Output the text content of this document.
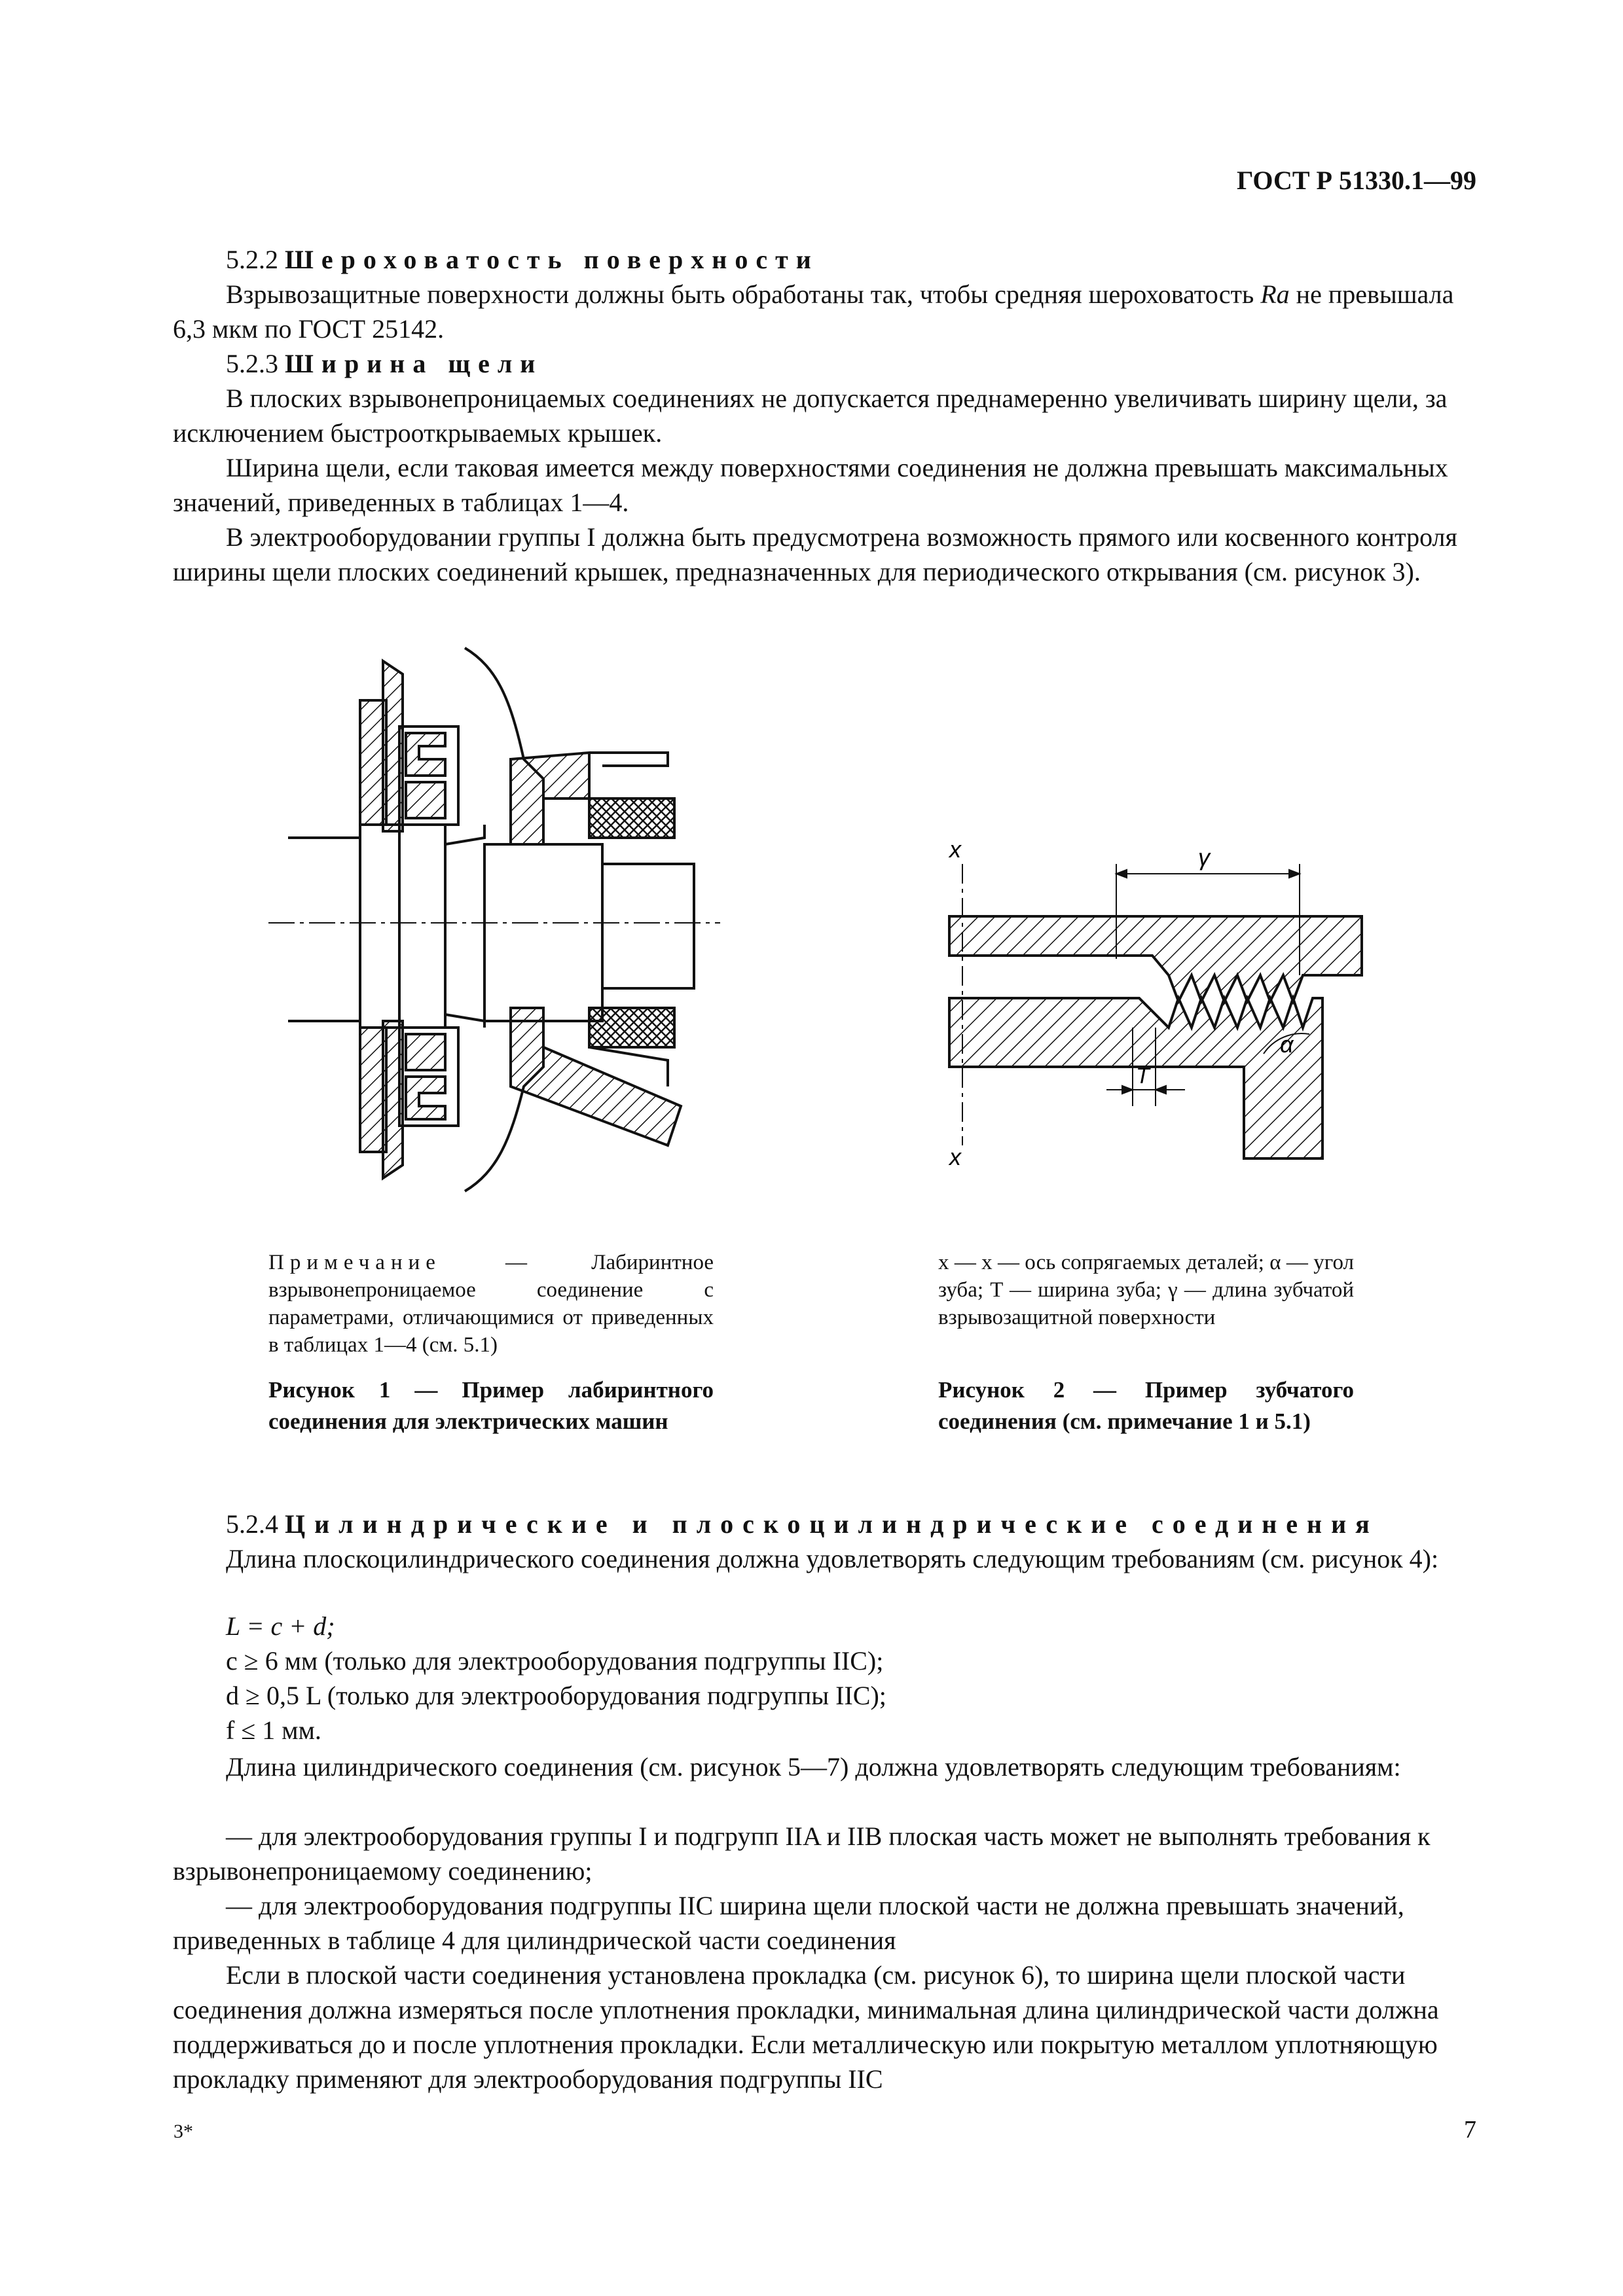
ГОСТ Р 51330.1—99

5.2.2 Шероховатость поверхности

Взрывозащитные поверхности должны быть обработаны так, чтобы средняя шероховатость Ra не превышала 6,3 мкм по ГОСТ 25142.

5.2.3 Ширина щели

В плоских взрывонепроницаемых соединениях не допускается преднамеренно увеличивать ширину щели, за исключением быстрооткрываемых крышек.

Ширина щели, если таковая имеется между поверхностями соединения не должна превышать максимальных значений, приведенных в таблицах 1—4.

В электрооборудовании группы I должна быть предусмотрена возможность прямого или косвенного контроля ширины щели плоских соединений крышек, предназначенных для периодического открывания (см. рисунок 3).

x
x
γ
α
T
Примечание — Лабиринтное взрывонепроницаемое соединение с параметрами, отличающимися от приведенных в таблицах 1—4 (см. 5.1)
Рисунок 1 — Пример лабиринтного соединения для электрических машин
x — x — ось сопрягаемых деталей; α — угол зуба; T — ширина зуба; γ — длина зубчатой взрывозащитной поверхности
Рисунок 2 — Пример зубчатого соединения (см. примечание 1 и 5.1)

5.2.4 Цилиндрические и плоскоцилиндрические соединения

Длина плоскоцилиндрического соединения должна удовлетворять следующим требованиям (см. рисунок 4):

L = c + d;
c ≥ 6 мм (только для электрооборудования подгруппы IIC);
d ≥ 0,5 L (только для электрооборудования подгруппы IIC);
f ≤ 1 мм.

Длина цилиндрического соединения (см. рисунок 5—7) должна удовлетворять следующим требованиям:

— для электрооборудования группы I и подгрупп IIA и IIB плоская часть может не выполнять требования к взрывонепроницаемому соединению;

— для электрооборудования подгруппы IIC ширина щели плоской части не должна превышать значений, приведенных в таблице 4 для цилиндрической части соединения

Если в плоской части соединения установлена прокладка (см. рисунок 6), то ширина щели плоской части соединения должна измеряться после уплотнения прокладки, минимальная длина цилиндрической части должна поддерживаться до и после уплотнения прокладки. Если металлическую или покрытую металлом уплотняющую прокладку применяют для электрооборудования подгруппы IIC

3*	7
